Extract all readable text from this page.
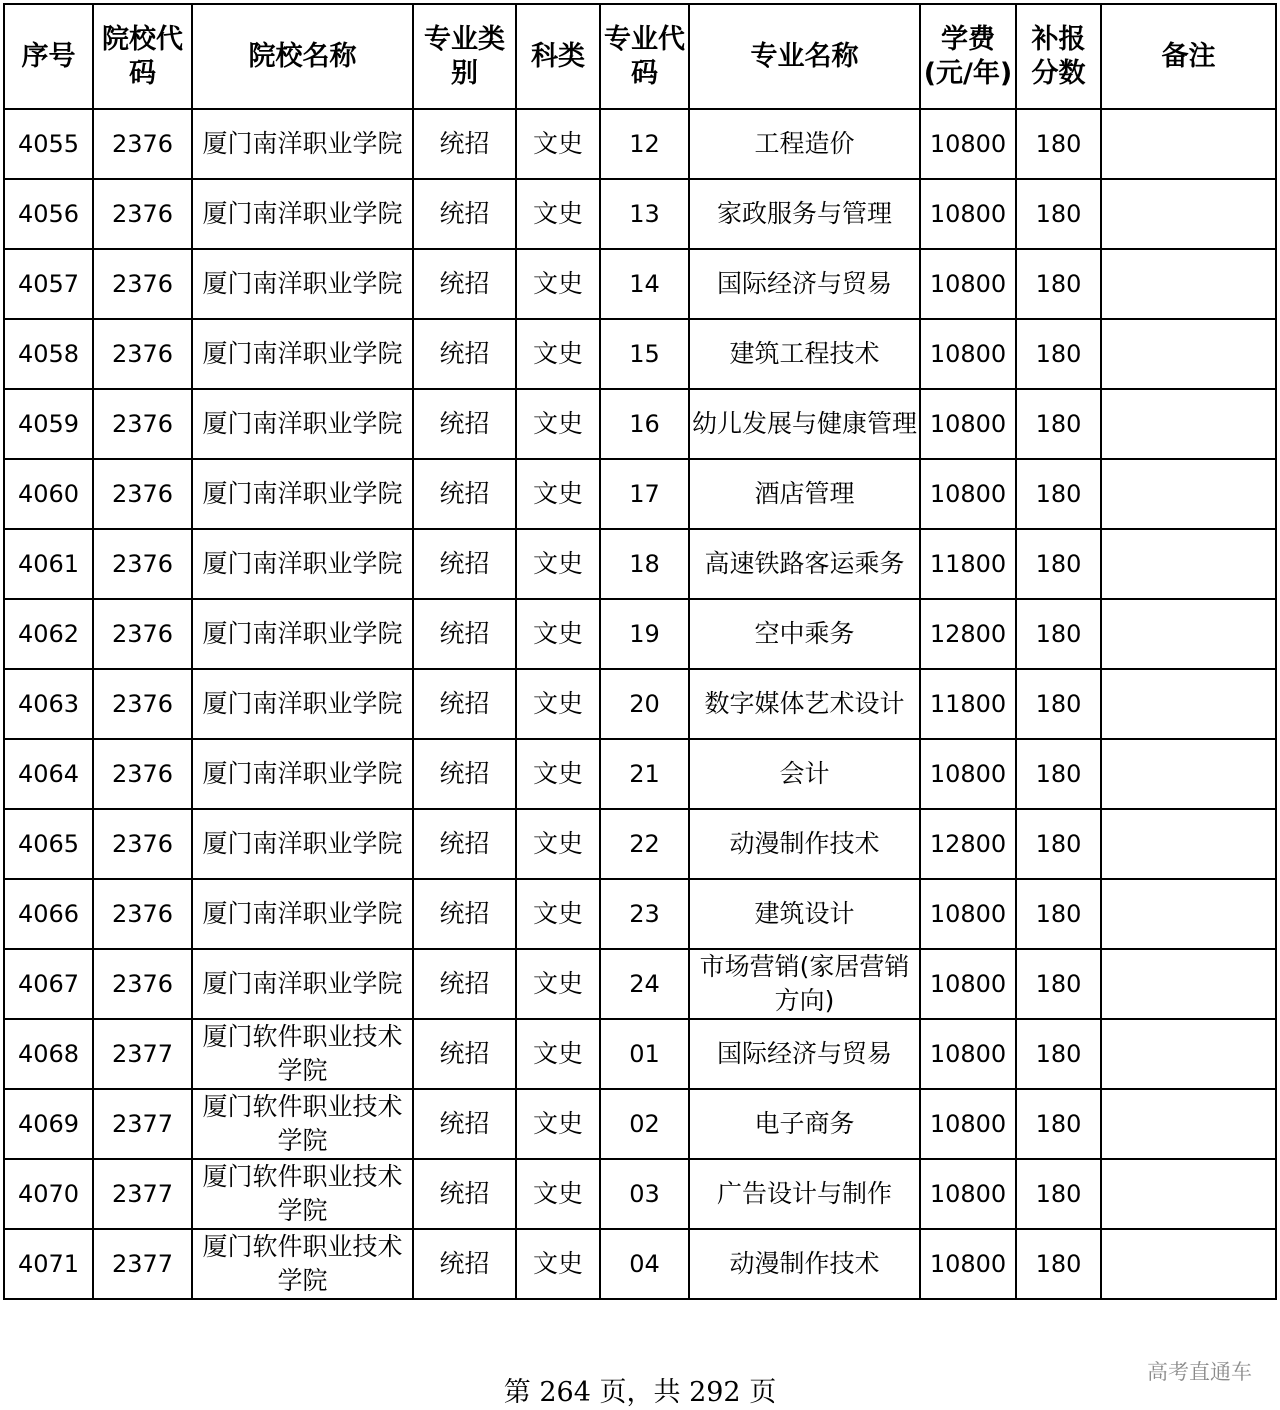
序号	院校代码	院校名称	专业类别	科类	专业代码	专业名称	学费(元/年)	补报分数	备注
4055	2376	厦门南洋职业学院	统招	文史	12	工程造价	10800	180	
4056	2376	厦门南洋职业学院	统招	文史	13	家政服务与管理	10800	180	
4057	2376	厦门南洋职业学院	统招	文史	14	国际经济与贸易	10800	180	
4058	2376	厦门南洋职业学院	统招	文史	15	建筑工程技术	10800	180	
4059	2376	厦门南洋职业学院	统招	文史	16	幼儿发展与健康管理	10800	180	
4060	2376	厦门南洋职业学院	统招	文史	17	酒店管理	10800	180	
4061	2376	厦门南洋职业学院	统招	文史	18	高速铁路客运乘务	11800	180	
4062	2376	厦门南洋职业学院	统招	文史	19	空中乘务	12800	180	
4063	2376	厦门南洋职业学院	统招	文史	20	数字媒体艺术设计	11800	180	
4064	2376	厦门南洋职业学院	统招	文史	21	会计	10800	180	
4065	2376	厦门南洋职业学院	统招	文史	22	动漫制作技术	12800	180	
4066	2376	厦门南洋职业学院	统招	文史	23	建筑设计	10800	180	
4067	2376	厦门南洋职业学院	统招	文史	24	市场营销(家居营销方向)	10800	180	
4068	2377	厦门软件职业技术学院	统招	文史	01	国际经济与贸易	10800	180	
4069	2377	厦门软件职业技术学院	统招	文史	02	电子商务	10800	180	
4070	2377	厦门软件职业技术学院	统招	文史	03	广告设计与制作	10800	180	
4071	2377	厦门软件职业技术学院	统招	文史	04	动漫制作技术	10800	180	
第 264 页，共 292 页
高考直通车
